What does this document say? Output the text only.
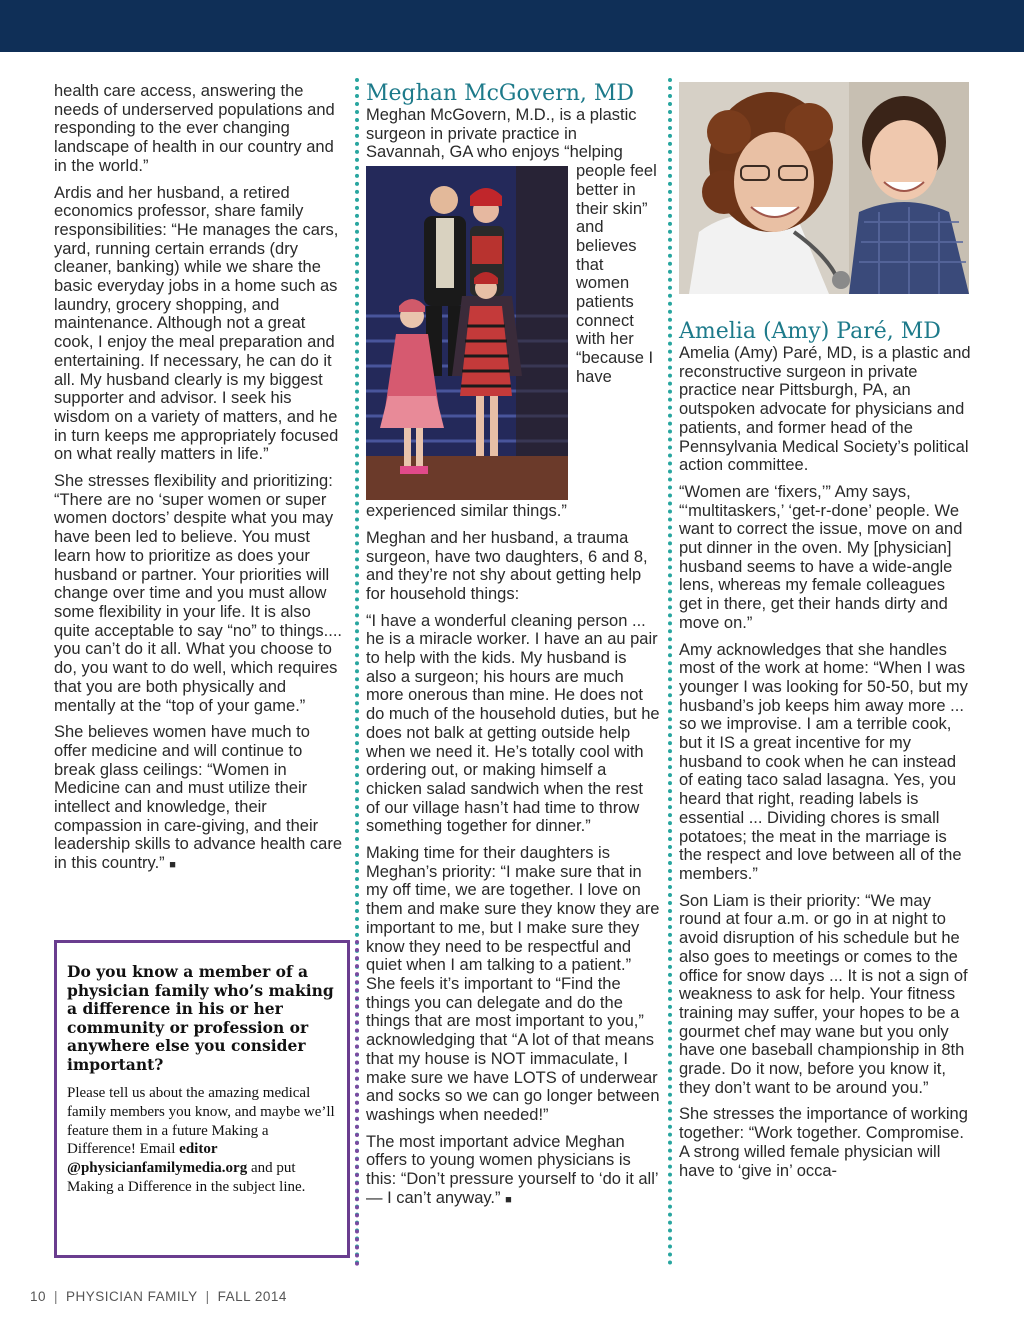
health care access, answering the needs of underserved populations and responding to the ever changing landscape of health in our country and in the world.”

Ardis and her husband, a retired economics professor, share family responsibilities: “He manages the cars, yard, running certain errands (dry cleaner, banking) while we share the basic everyday jobs in a home such as laundry, grocery shopping, and maintenance. Although not a great cook, I enjoy the meal preparation and entertaining. If necessary, he can do it all. My husband clearly is my biggest supporter and advisor. I seek his wisdom on a variety of matters, and he in turn keeps me appropriately focused on what really matters in life.”

She stresses flexibility and prioritizing: “There are no ‘super women or super women doctors’ despite what you may have been led to believe. You must learn how to prioritize as does your husband or partner. Your priorities will change over time and you must allow some flexibility in your life. It is also quite acceptable to say “no” to things.... you can’t do it all. What you choose to do, you want to do well, which requires that you are both physically and mentally at the “top of your game.”

She believes women have much to offer medicine and will continue to break glass ceilings: “Women in Medicine can and must utilize their intellect and knowledge, their compassion in care-giving, and their leadership skills to advance health care in this country.” ■

Do you know a member of a physician family who’s making a difference in his or her community or profession or anywhere else you consider important?

Please tell us about the amazing medical family members you know, and maybe we’ll feature them in a future Making a Difference! Email editor @physicianfamilymedia.org and put Making a Difference in the subject line.

Meghan McGovern, MD

Meghan McGovern, M.D., is a plastic surgeon in private practice in Savannah, GA who enjoys “helping

people feel better in their skin” and believes that women patients connect with her “because I have experienced similar things.”

Meghan and her husband, a trauma surgeon, have two daughters, 6 and 8, and they’re not shy about getting help for household things:

“I have a wonderful cleaning person ... he is a miracle worker. I have an au pair to help with the kids. My husband is also a surgeon; his hours are much more onerous than mine. He does not do much of the household duties, but he does not balk at getting outside help when we need it. He’s totally cool with ordering out, or making himself a chicken salad sandwich when the rest of our village hasn’t had time to throw something together for dinner.”

Making time for their daughters is Meghan’s priority: “I make sure that in my off time, we are together. I love on them and make sure they know they are important to me, but I make sure they know they need to be respectful and quiet when I am talking to a patient.” She feels it’s important to “Find the things you can delegate and do the things that are most important to you,” acknowledging that “A lot of that means that my house is NOT immaculate, I make sure we have LOTS of underwear and socks so we can go longer between washings when needed!”

The most important advice Meghan offers to young women physicians is this: “Don’t pressure yourself to ‘do it all’ — I can’t anyway.” ■

Amelia (Amy) Paré, MD

Amelia (Amy) Paré, MD, is a plastic and reconstructive surgeon in private practice near Pittsburgh, PA, an outspoken advocate for physicians and patients, and former head of the Pennsylvania Medical Society’s political action committee.

“Women are ‘fixers,’” Amy says, “‘multitaskers,’ ‘get-r-done’ people. We want to correct the issue, move on and put dinner in the oven. My [physician] husband seems to have a wide-angle lens, whereas my female colleagues get in there, get their hands dirty and move on.”

Amy acknowledges that she handles most of the work at home: “When I was younger I was looking for 50-50, but my husband’s job keeps him away more ... so we improvise. I am a terrible cook, but it IS a great incentive for my husband to cook when he can instead of eating taco salad lasagna. Yes, you heard that right, reading labels is essential ... Dividing chores is small potatoes; the meat in the marriage is the respect and love between all of the members.”

Son Liam is their priority: “We may round at four a.m. or go in at night to avoid disruption of his schedule but he also goes to meetings or comes to the office for snow days ... It is not a sign of weakness to ask for help. Your fitness training may suffer, your hopes to be a gourmet chef may wane but you only have one baseball championship in 8th grade. Do it now, before you know it, they don’t want to be around you.”

She stresses the importance of working together: “Work together. Compromise. A strong willed female physician will have to ‘give in’ occa-

10 | PHYSICIAN FAMILY | FALL 2014
